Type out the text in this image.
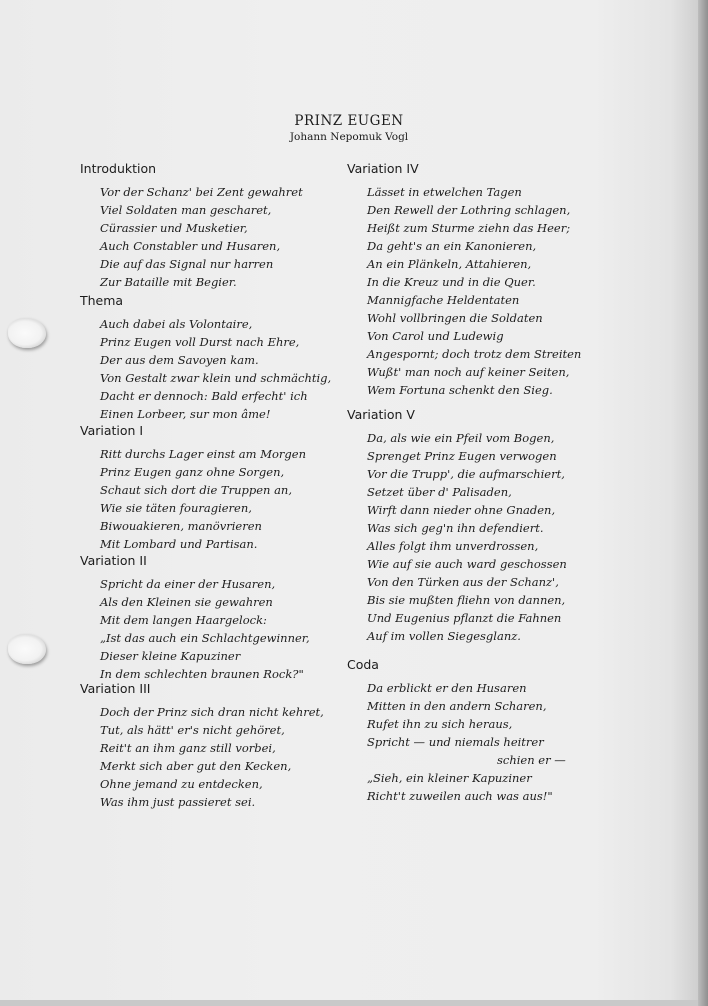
PRINZ EUGEN
Johann Nepomuk Vogl
Introduktion
Vor der Schanz' bei Zent gewahret
Viel Soldaten man gescharet,
Cürassier und Musketier,
Auch Constabler und Husaren,
Die auf das Signal nur harren
Zur Bataille mit Begier.
Thema
Auch dabei als Volontaire,
Prinz Eugen voll Durst nach Ehre,
Der aus dem Savoyen kam.
Von Gestalt zwar klein und schmächtig,
Dacht er dennoch: Bald erfecht' ich
Einen Lorbeer, sur mon âme!
Variation I
Ritt durchs Lager einst am Morgen
Prinz Eugen ganz ohne Sorgen,
Schaut sich dort die Truppen an,
Wie sie täten fouragieren,
Biwouakieren, manövrieren
Mit Lombard und Partisan.
Variation II
Spricht da einer der Husaren,
Als den Kleinen sie gewahren
Mit dem langen Haargelock:
„Ist das auch ein Schlachtgewinner,
Dieser kleine Kapuziner
In dem schlechten braunen Rock?"
Variation III
Doch der Prinz sich dran nicht kehret,
Tut, als hätt' er's nicht gehöret,
Reit't an ihm ganz still vorbei,
Merkt sich aber gut den Kecken,
Ohne jemand zu entdecken,
Was ihm just passieret sei.
Variation IV
Lässet in etwelchen Tagen
Den Rewell der Lothring schlagen,
Heißt zum Sturme ziehn das Heer;
Da geht's an ein Kanonieren,
An ein Plänkeln, Attahieren,
In die Kreuz und in die Quer.
Mannigfache Heldentaten
Wohl vollbringen die Soldaten
Von Carol und Ludewig
Angespornt; doch trotz dem Streiten
Wußt' man noch auf keiner Seiten,
Wem Fortuna schenkt den Sieg.
Variation V
Da, als wie ein Pfeil vom Bogen,
Sprenget Prinz Eugen verwogen
Vor die Trupp', die aufmarschiert,
Setzet über d' Palisaden,
Wirft dann nieder ohne Gnaden,
Was sich geg'n ihn defendiert.
Alles folgt ihm unverdrossen,
Wie auf sie auch ward geschossen
Von den Türken aus der Schanz',
Bis sie mußten fliehn von dannen,
Und Eugenius pflanzt die Fahnen
Auf im vollen Siegesglanz.
Coda
Da erblickt er den Husaren
Mitten in den andern Scharen,
Rufet ihn zu sich heraus,
Spricht — und niemals heitrer
schien er —
„Sieh, ein kleiner Kapuziner
Richt't zuweilen auch was aus!"
